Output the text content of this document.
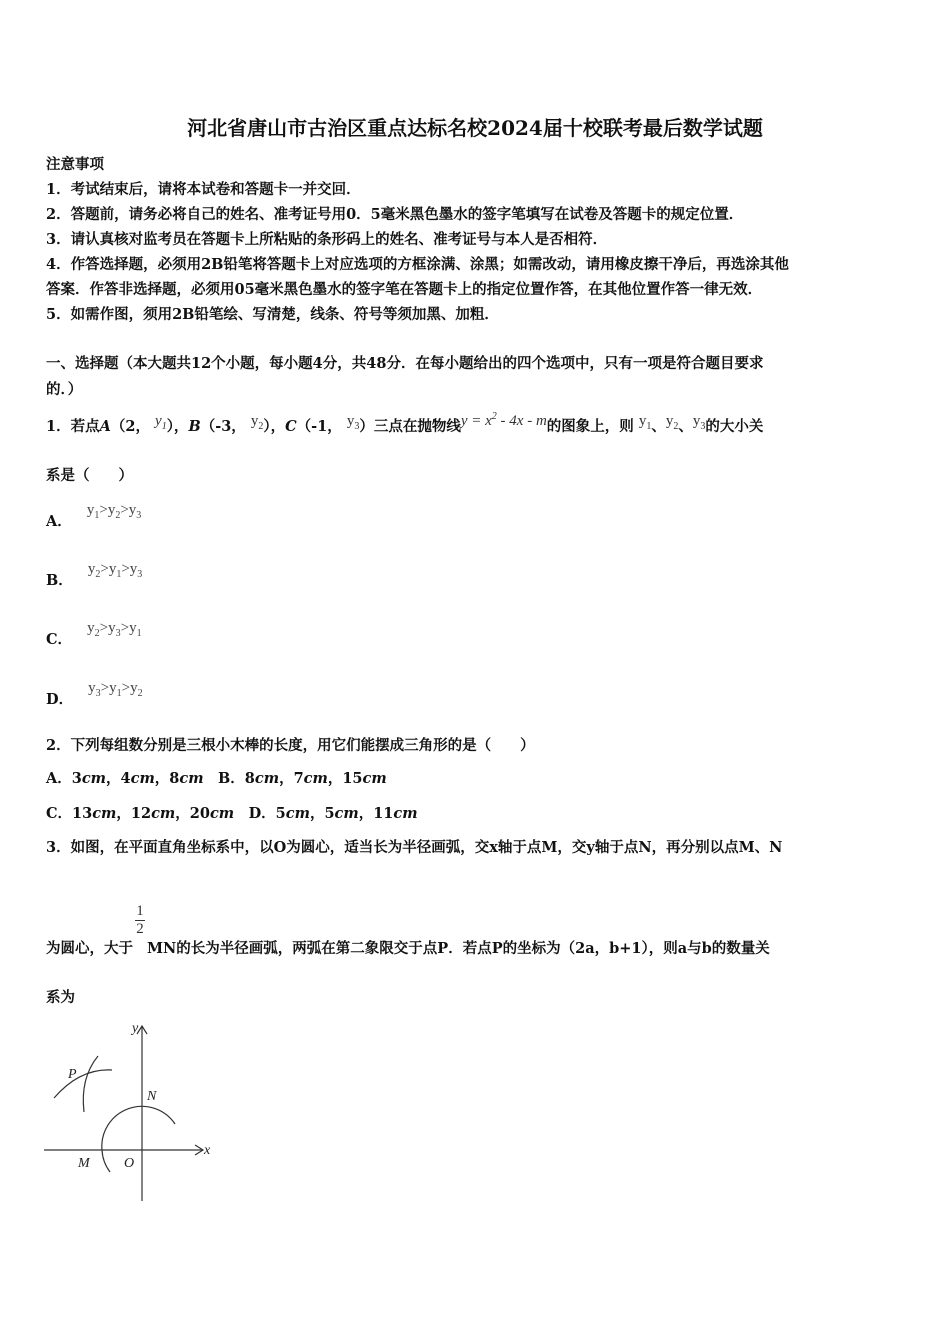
河北省唐山市古治区重点达标名校2024届十校联考最后数学试题
注意事项
1．考试结束后，请将本试卷和答题卡一并交回．
2．答题前，请务必将自己的姓名、准考证号用0．5毫米黑色墨水的签字笔填写在试卷及答题卡的规定位置．
3．请认真核对监考员在答题卡上所粘贴的条形码上的姓名、准考证号与本人是否相符．
4．作答选择题，必须用2B铅笔将答题卡上对应选项的方框涂满、涂黑；如需改动，请用橡皮擦干净后，再选涂其他
答案．作答非选择题，必须用05毫米黑色墨水的签字笔在答题卡上的指定位置作答，在其他位置作答一律无效．
5．如需作图，须用2B铅笔绘、写清楚，线条、符号等须加黑、加粗．
一、选择题（本大题共12个小题，每小题4分，共48分．在每小题给出的四个选项中，只有一项是符合题目要求
的．）
1．若点A（2， $y_1$），B（-3， $y_2$），C（-1， $y_3$）三点在抛物线$y = x^2 - 4x - m$的图象上，则 $y_1$、$y_2$、$y_3$的大小关
系是（　　）
A． $y_1>y_2>y_3$
B． $y_2>y_1>y_3$
C． $y_2>y_3>y_1$
D． $y_3>y_1>y_2$
2．下列每组数分别是三根小木棒的长度，用它们能摆成三角形的是（　　）
A．3cm，4cm，8cm　B．8cm，7cm，15cm
C．13cm，12cm，20cm　D．5cm，5cm，11cm
3．如图，在平面直角坐标系中，以O为圆心，适当长为半径画弧，交x轴于点M，交y轴于点N，再分别以点M、N
为圆心，大于
$\frac{1}{2}$
MN的长为半径画弧，两弧在第二象限交于点P．若点P的坐标为（2a，b+1），则a与b的数量关
系为
y
x
N
P
M O
